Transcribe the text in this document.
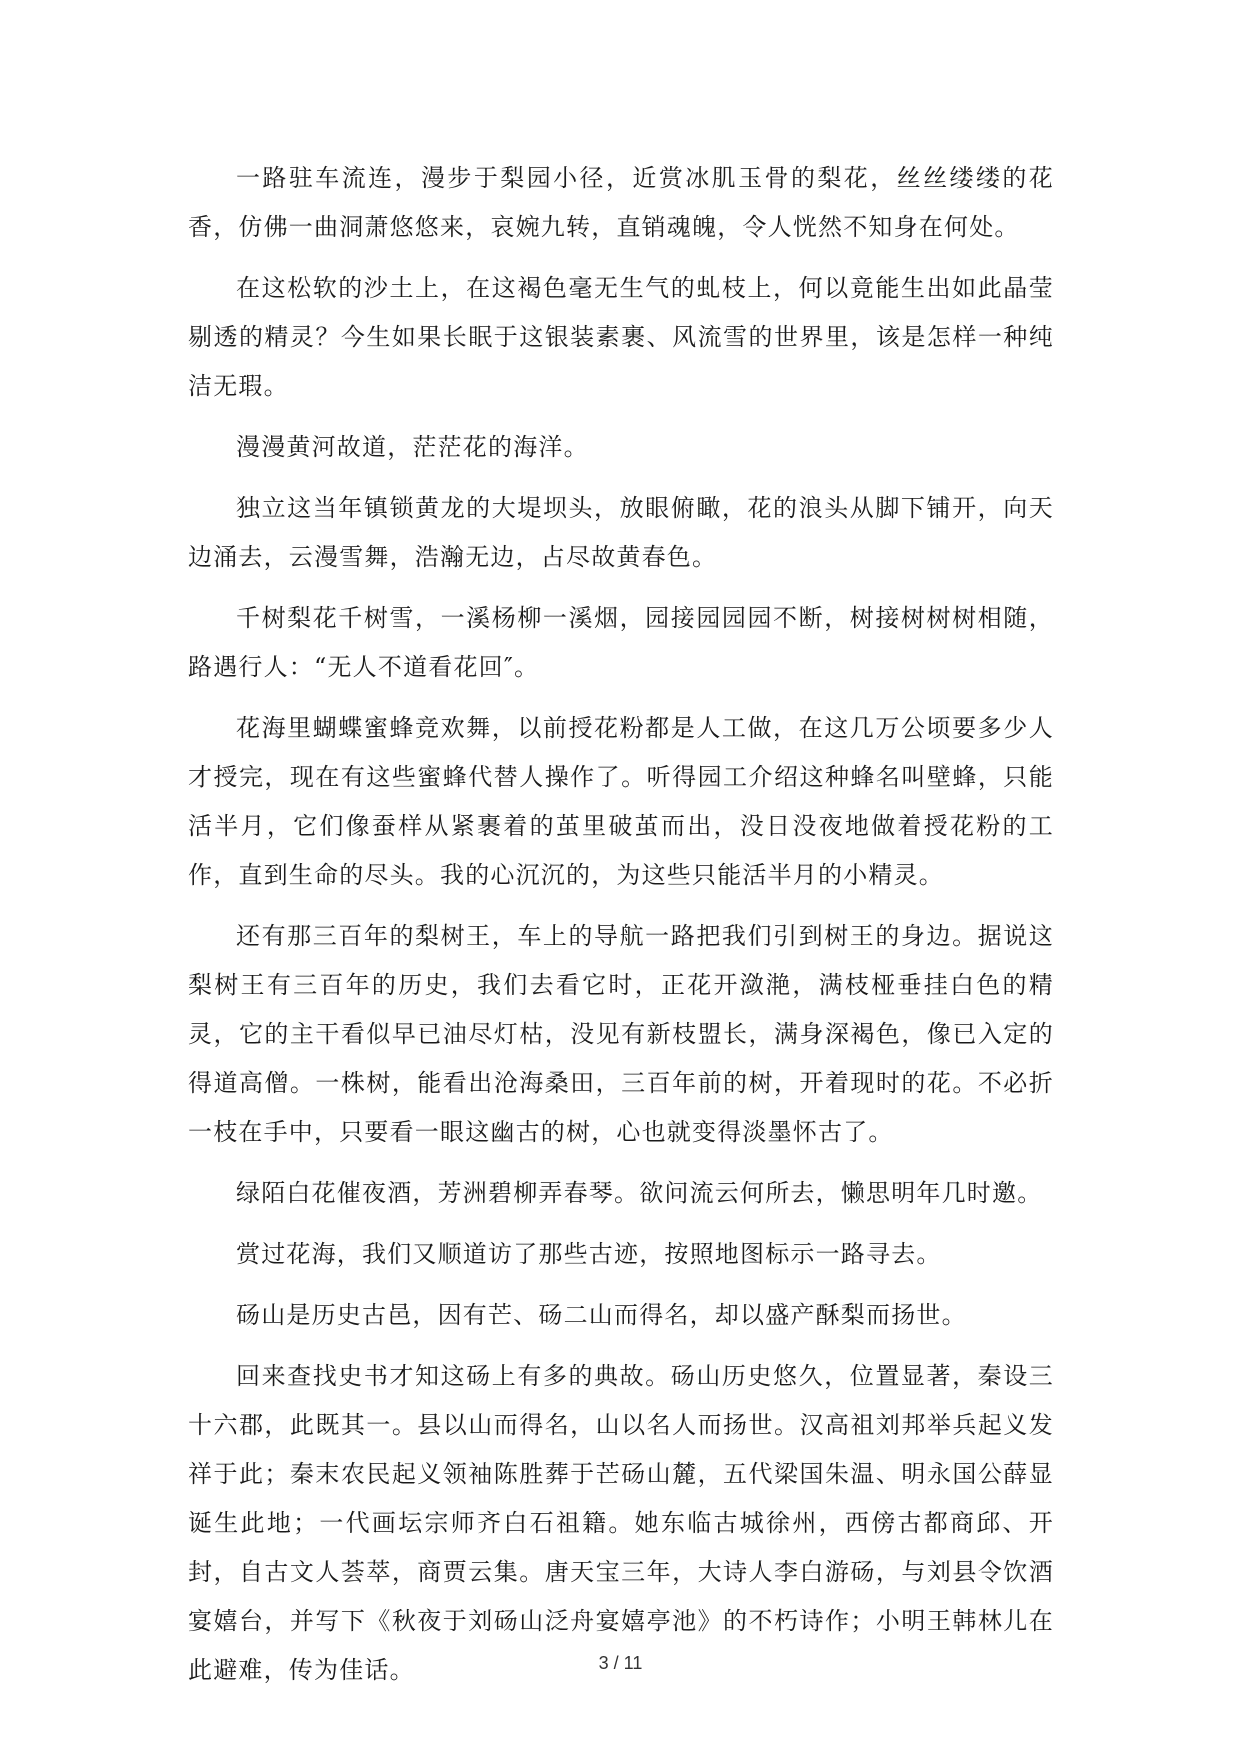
一路驻车流连，漫步于梨园小径，近赏冰肌玉骨的梨花，丝丝缕缕的花香，仿佛一曲洞萧悠悠来，哀婉九转，直销魂魄，令人恍然不知身在何处。

在这松软的沙土上，在这褐色毫无生气的虬枝上，何以竟能生出如此晶莹剔透的精灵？今生如果长眠于这银装素裹、风流雪的世界里，该是怎样一种纯洁无瑕。

漫漫黄河故道，茫茫花的海洋。

独立这当年镇锁黄龙的大堤坝头，放眼俯瞰，花的浪头从脚下铺开，向天边涌去，云漫雪舞，浩瀚无边，占尽故黄春色。

千树梨花千树雪，一溪杨柳一溪烟，园接园园园不断，树接树树树相随，路遇行人：“无人不道看花回″。

花海里蝴蝶蜜蜂竞欢舞，以前授花粉都是人工做，在这几万公顷要多少人才授完，现在有这些蜜蜂代替人操作了。听得园工介绍这种蜂名叫壁蜂，只能活半月，它们像蚕样从紧裹着的茧里破茧而出，没日没夜地做着授花粉的工作，直到生命的尽头。我的心沉沉的，为这些只能活半月的小精灵。

还有那三百年的梨树王，车上的导航一路把我们引到树王的身边。据说这梨树王有三百年的历史，我们去看它时，正花开潋滟，满枝桠垂挂白色的精灵，它的主干看似早已油尽灯枯，没见有新枝盟长，满身深褐色，像已入定的得道高僧。一株树，能看出沧海桑田，三百年前的树，开着现时的花。不必折一枝在手中，只要看一眼这幽古的树，心也就变得淡墨怀古了。

绿陌白花催夜酒，芳洲碧柳弄春琴。欲问流云何所去，懒思明年几时邀。

赏过花海，我们又顺道访了那些古迹，按照地图标示一路寻去。

砀山是历史古邑，因有芒、砀二山而得名，却以盛产酥梨而扬世。

回来查找史书才知这砀上有多的典故。砀山历史悠久，位置显著，秦设三十六郡，此既其一。县以山而得名，山以名人而扬世。汉高祖刘邦举兵起义发祥于此；秦末农民起义领袖陈胜葬于芒砀山麓，五代梁国朱温、明永国公薛显诞生此地；一代画坛宗师齐白石祖籍。她东临古城徐州，西傍古都商邱、开封，自古文人荟萃，商贾云集。唐天宝三年，大诗人李白游砀，与刘县令饮酒宴嬉台，并写下《秋夜于刘砀山泛舟宴嬉亭池》的不朽诗作；小明王韩林儿在此避难，传为佳话。	3 / 11
